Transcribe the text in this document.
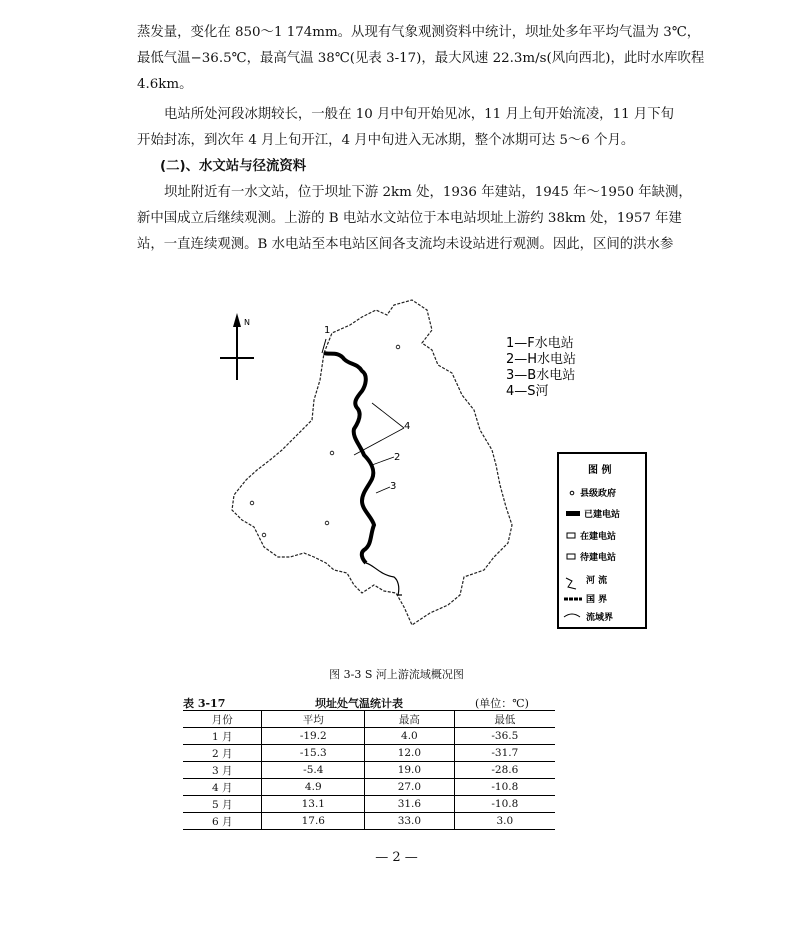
蒸发量，变化在 850～1 174mm。从现有气象观测资料中统计，坝址处多年平均气温为 3℃，
最低气温−36.5℃，最高气温 38℃(见表 3-17)，最大风速 22.3m/s(风向西北)，此时水库吹程
4.6km。
电站所处河段冰期较长，一般在 10 月中旬开始见冰，11 月上旬开始流凌，11 月下旬
开始封冻，到次年 4 月上旬开江，4 月中旬进入无冰期，整个冰期可达 5～6 个月。
(二)、水文站与径流资料
坝址附近有一水文站，位于坝址下游 2km 处，1936 年建站，1945 年～1950 年缺测，
新中国成立后继续观测。上游的 B 电站水文站位于本电站坝址上游约 38km 处，1957 年建
站，一直连续观测。B 水电站至本电站区间各支流均未设站进行观测。因此，区间的洪水参
N
1
2
3
4
1—F水电站
2—H水电站
3—B水电站
4—S河
图 例
县级政府
已建电站
在建电站
待建电站
河 流
国 界
流域界
图 3-3 S 河上游流域概况图
表 3-17	坝址处气温统计表	(单位：℃)
月份	平均	最高	最低
1 月	-19.2	4.0	-36.5
2 月	-15.3	12.0	-31.7
3 月	-5.4	19.0	-28.6
4 月	4.9	27.0	-10.8
5 月	13.1	31.6	-10.8
6 月	17.6	33.0	3.0
— 2 —
